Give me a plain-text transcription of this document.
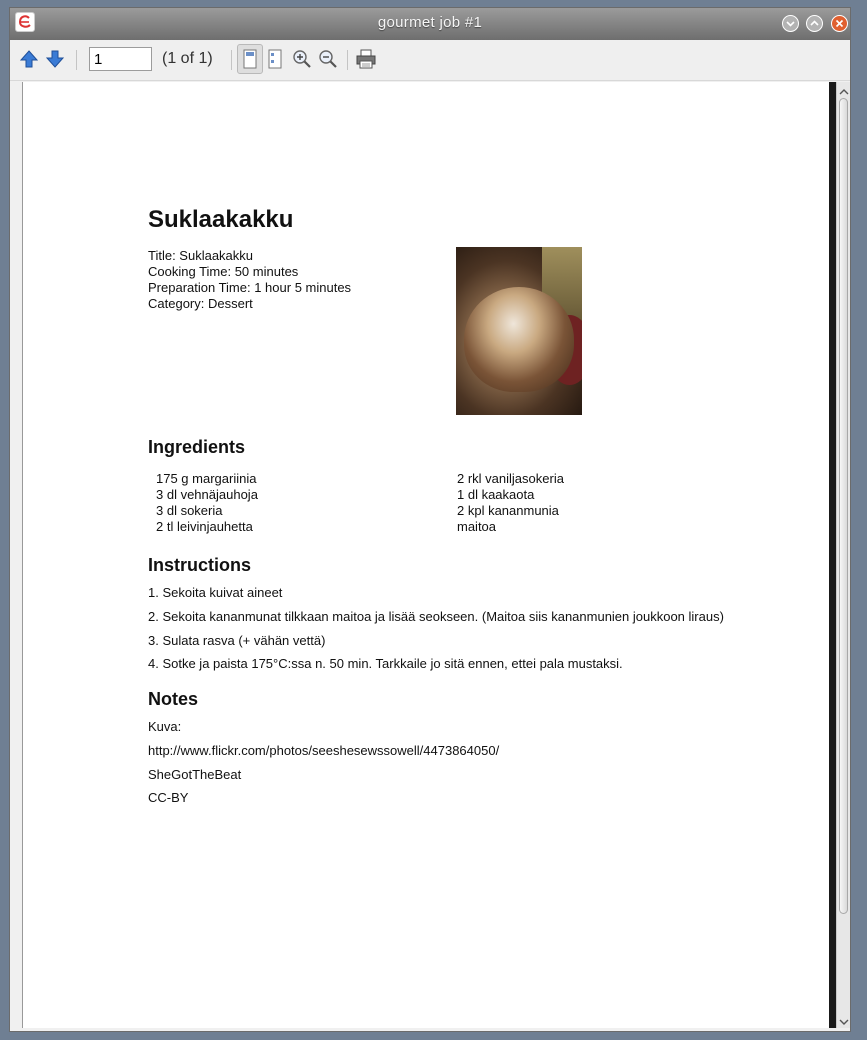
gourmet job #1
1
(1 of 1)
Suklaakakku
Title: Suklaakakku
Cooking Time: 50 minutes
Preparation Time: 1 hour 5 minutes
Category: Dessert
Ingredients
175 g margariinia
3 dl vehnäjauhoja
3 dl sokeria
2 tl leivinjauhetta
2 rkl vaniljasokeria
1 dl kaakaota
2 kpl kananmunia
maitoa
Instructions
1. Sekoita kuivat aineet
2. Sekoita kananmunat tilkkaan maitoa ja lisää seokseen. (Maitoa siis kananmunien joukkoon liraus)
3. Sulata rasva (+ vähän vettä)
4. Sotke ja paista 175°C:ssa n. 50 min. Tarkkaile jo sitä ennen, ettei pala mustaksi.
Notes
Kuva:
http://www.flickr.com/photos/seeshesewssowell/4473864050/
SheGotTheBeat
CC-BY
